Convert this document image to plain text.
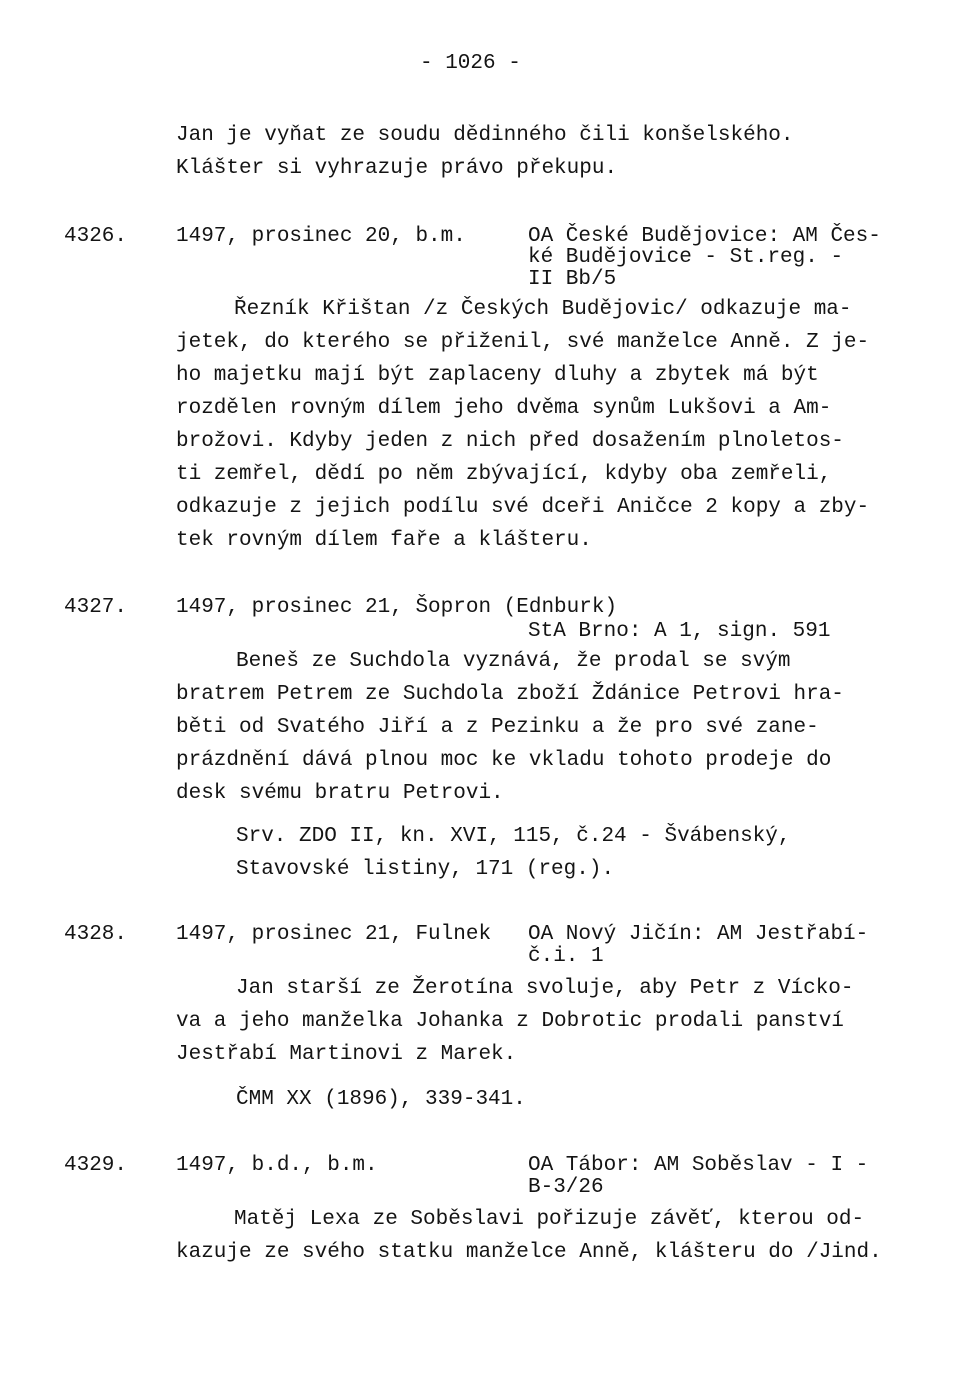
- 1026 -
Jan je vyňat ze soudu dědinného čili konšelského.
Klášter si vyhrazuje právo překupu.
4326. 1497, prosinec 20, b.m.	OA České Budějovice: AM Čes-
ké Budějovice - St.reg. -
II Bb/5
Řezník Křištan /z Českých Budějovic/ odkazuje ma-
jetek, do kterého se přiženil, své manželce Anně. Z je-
ho majetku mají být zaplaceny dluhy a zbytek má být
rozdělen rovným dílem jeho dvěma synům Lukšovi a Am-
brožovi. Kdyby jeden z nich před dosažením plnoletos-
ti zemřel, dědí po něm zbývající, kdyby oba zemřeli,
odkazuje z jejich podílu své dceři Aničce 2 kopy a zby-
tek rovným dílem faře a klášteru.
4327. 1497, prosinec 21, Šopron (Ednburk)
StA Brno: A 1, sign. 591
Beneš ze Suchdola vyznává, že prodal se svým
bratrem Petrem ze Suchdola zboží Ždánice Petrovi hra-
běti od Svatého Jiří a z Pezinku a že pro své zane-
prázdnění dává plnou moc ke vkladu tohoto prodeje do
desk svému bratru Petrovi.
Srv. ZDO II, kn. XVI, 115, č.24 - Švábenský,
Stavovské listiny, 171 (reg.).
4328. 1497, prosinec 21, Fulnek OA Nový Jičín: AM Jestřabí-
č.i. 1
Jan starší ze Žerotína svoluje, aby Petr z Vícko-
va a jeho manželka Johanka z Dobrotic prodali panství
Jestřabí Martinovi z Marek.
ČMM XX (1896), 339-341.
4329. 1497, b.d., b.m.	OA Tábor: AM Soběslav - I -
B-3/26
Matěj Lexa ze Soběslavi pořizuje závěť, kterou od-
kazuje ze svého statku manželce Anně, klášteru do /Jind.
